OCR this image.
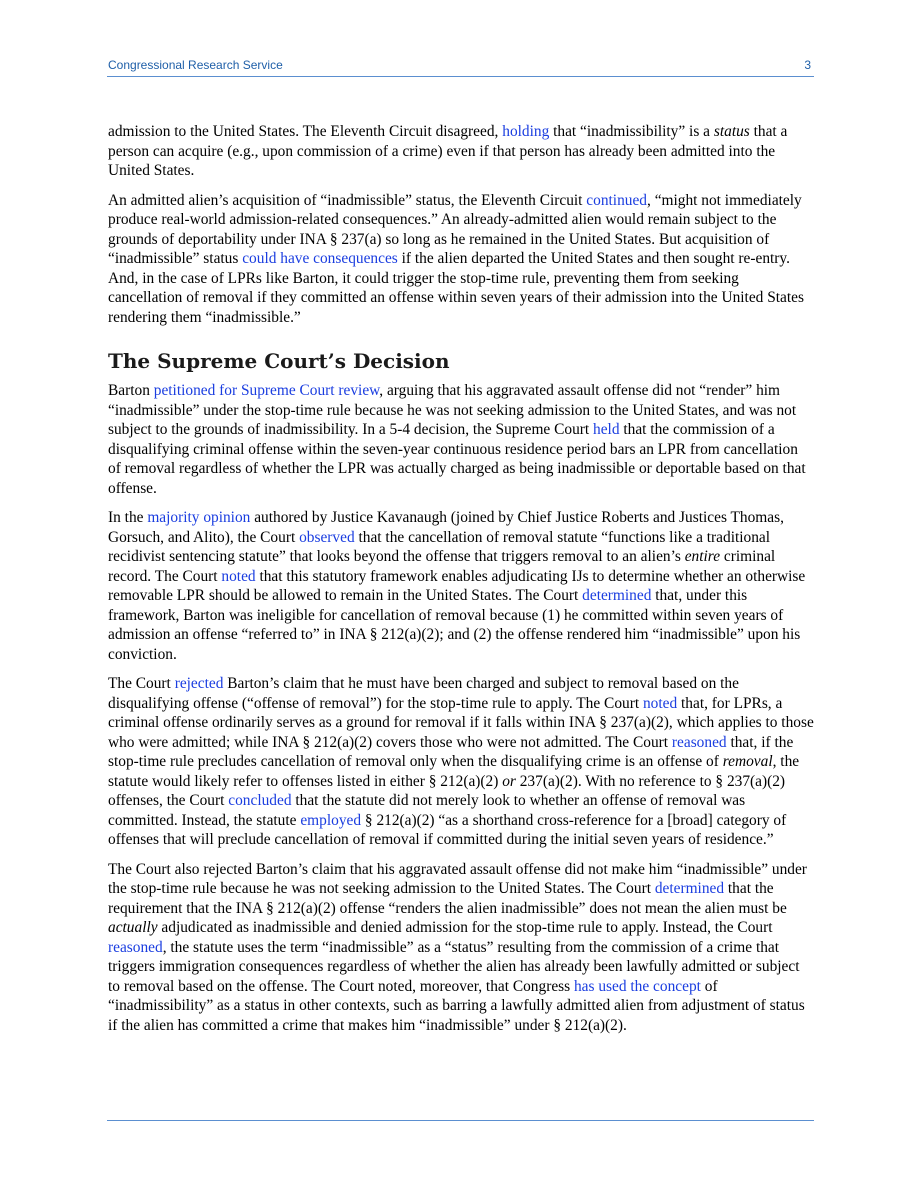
Congressional Research Service	3

admission to the United States. The Eleventh Circuit disagreed, holding that “inadmissibility” is a status that a person can acquire (e.g., upon commission of a crime) even if that person has already been admitted into the United States.

An admitted alien’s acquisition of “inadmissible” status, the Eleventh Circuit continued, “might not immediately produce real-world admission-related consequences.” An already-admitted alien would remain subject to the grounds of deportability under INA § 237(a) so long as he remained in the United States. But acquisition of “inadmissible” status could have consequences if the alien departed the United States and then sought re-entry. And, in the case of LPRs like Barton, it could trigger the stop-time rule, preventing them from seeking cancellation of removal if they committed an offense within seven years of their admission into the United States rendering them “inadmissible.”

The Supreme Court’s Decision

Barton petitioned for Supreme Court review, arguing that his aggravated assault offense did not “render” him “inadmissible” under the stop-time rule because he was not seeking admission to the United States, and was not subject to the grounds of inadmissibility. In a 5-4 decision, the Supreme Court held that the commission of a disqualifying criminal offense within the seven-year continuous residence period bars an LPR from cancellation of removal regardless of whether the LPR was actually charged as being inadmissible or deportable based on that offense.

In the majority opinion authored by Justice Kavanaugh (joined by Chief Justice Roberts and Justices Thomas, Gorsuch, and Alito), the Court observed that the cancellation of removal statute “functions like a traditional recidivist sentencing statute” that looks beyond the offense that triggers removal to an alien’s entire criminal record. The Court noted that this statutory framework enables adjudicating IJs to determine whether an otherwise removable LPR should be allowed to remain in the United States. The Court determined that, under this framework, Barton was ineligible for cancellation of removal because (1) he committed within seven years of admission an offense “referred to” in INA § 212(a)(2); and (2) the offense rendered him “inadmissible” upon his conviction.

The Court rejected Barton’s claim that he must have been charged and subject to removal based on the disqualifying offense (“offense of removal”) for the stop-time rule to apply. The Court noted that, for LPRs, a criminal offense ordinarily serves as a ground for removal if it falls within INA § 237(a)(2), which applies to those who were admitted; while INA § 212(a)(2) covers those who were not admitted. The Court reasoned that, if the stop-time rule precludes cancellation of removal only when the disqualifying crime is an offense of removal, the statute would likely refer to offenses listed in either § 212(a)(2) or 237(a)(2). With no reference to § 237(a)(2) offenses, the Court concluded that the statute did not merely look to whether an offense of removal was committed. Instead, the statute employed § 212(a)(2) “as a shorthand cross-reference for a [broad] category of offenses that will preclude cancellation of removal if committed during the initial seven years of residence.”

The Court also rejected Barton’s claim that his aggravated assault offense did not make him “inadmissible” under the stop-time rule because he was not seeking admission to the United States. The Court determined that the requirement that the INA § 212(a)(2) offense “renders the alien inadmissible” does not mean the alien must be actually adjudicated as inadmissible and denied admission for the stop-time rule to apply. Instead, the Court reasoned, the statute uses the term “inadmissible” as a “status” resulting from the commission of a crime that triggers immigration consequences regardless of whether the alien has already been lawfully admitted or subject to removal based on the offense. The Court noted, moreover, that Congress has used the concept of “inadmissibility” as a status in other contexts, such as barring a lawfully admitted alien from adjustment of status if the alien has committed a crime that makes him “inadmissible” under § 212(a)(2).
